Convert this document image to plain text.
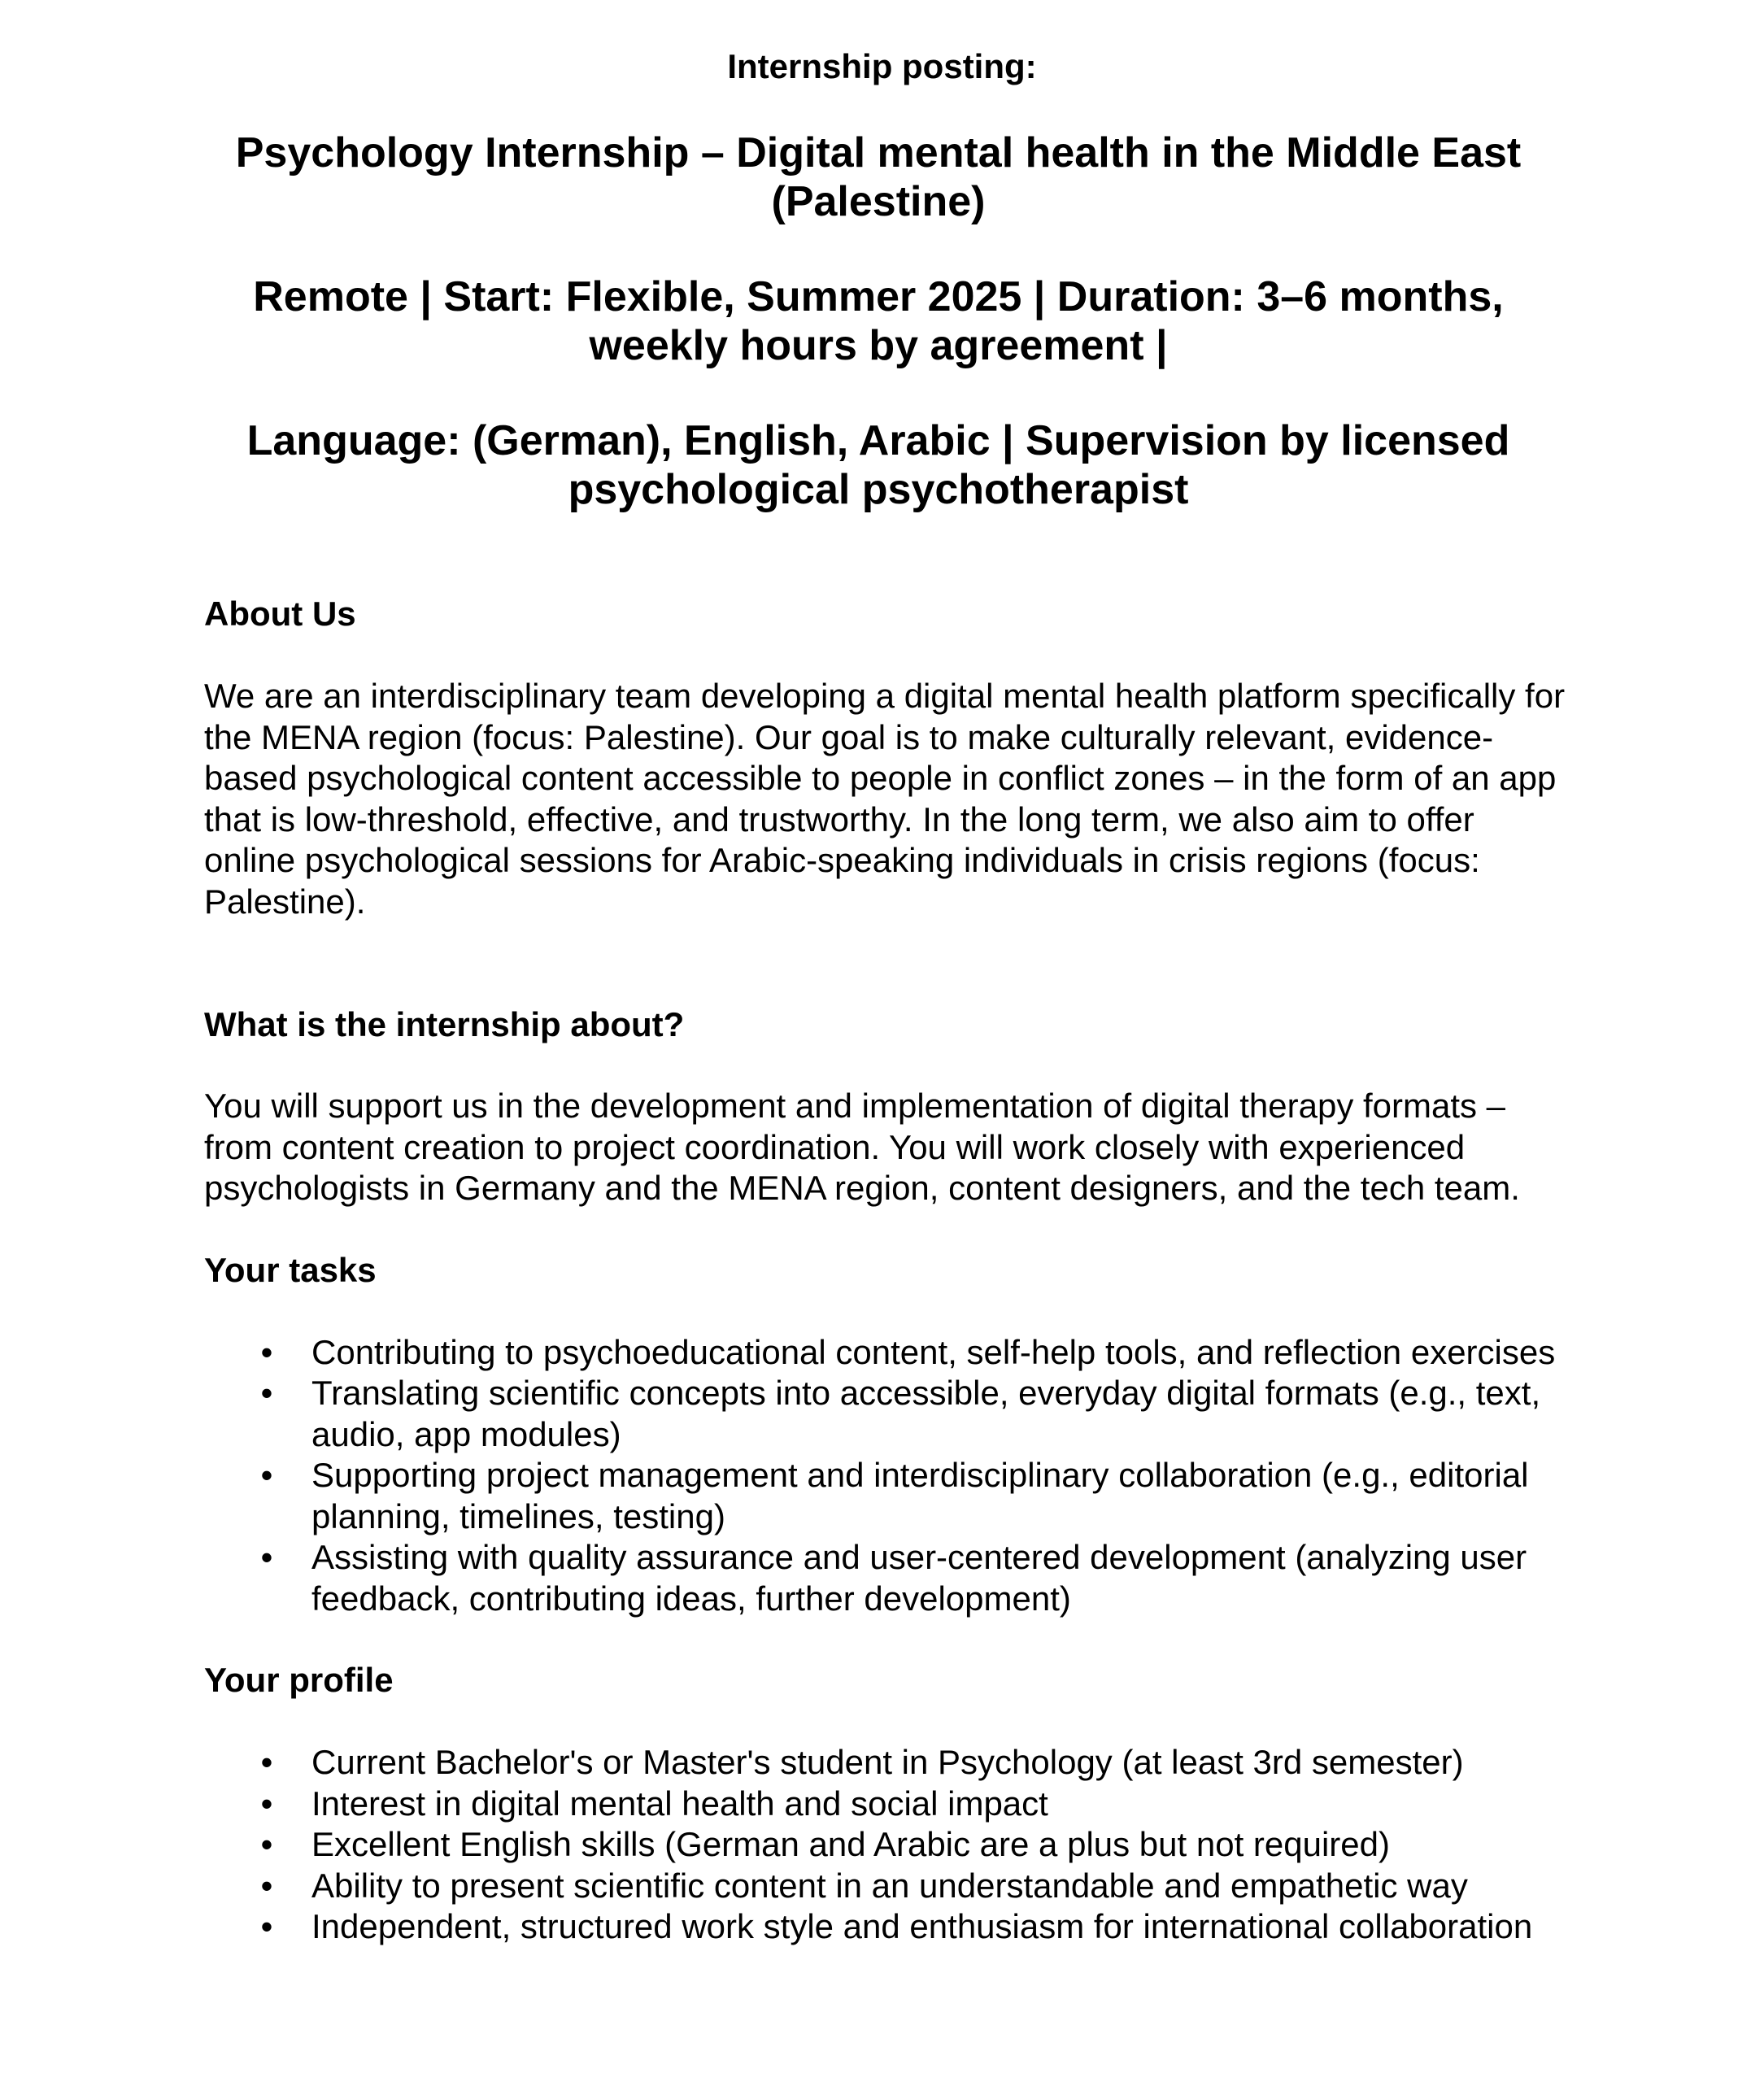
Internship posting:
Psychology Internship – Digital mental health in the Middle East (Palestine)
Remote | Start: Flexible, Summer 2025 | Duration: 3–6 months, weekly hours by agreement |
Language: (German), English, Arabic | Supervision by licensed psychological psychotherapist

About Us

We are an interdisciplinary team developing a digital mental health platform specifically for the MENA region (focus: Palestine). Our goal is to make culturally relevant, evidence-based psychological content accessible to people in conflict zones – in the form of an app that is low-threshold, effective, and trustworthy. In the long term, we also aim to offer online psychological sessions for Arabic-speaking individuals in crisis regions (focus: Palestine).

What is the internship about?

You will support us in the development and implementation of digital therapy formats – from content creation to project coordination. You will work closely with experienced psychologists in Germany and the MENA region, content designers, and the tech team.

Your tasks

• Contributing to psychoeducational content, self-help tools, and reflection exercises
• Translating scientific concepts into accessible, everyday digital formats (e.g., text, audio, app modules)
• Supporting project management and interdisciplinary collaboration (e.g., editorial planning, timelines, testing)
• Assisting with quality assurance and user-centered development (analyzing user feedback, contributing ideas, further development)

Your profile

• Current Bachelor's or Master's student in Psychology (at least 3rd semester)
• Interest in digital mental health and social impact
• Excellent English skills (German and Arabic are a plus but not required)
• Ability to present scientific content in an understandable and empathetic way
• Independent, structured work style and enthusiasm for international collaboration
